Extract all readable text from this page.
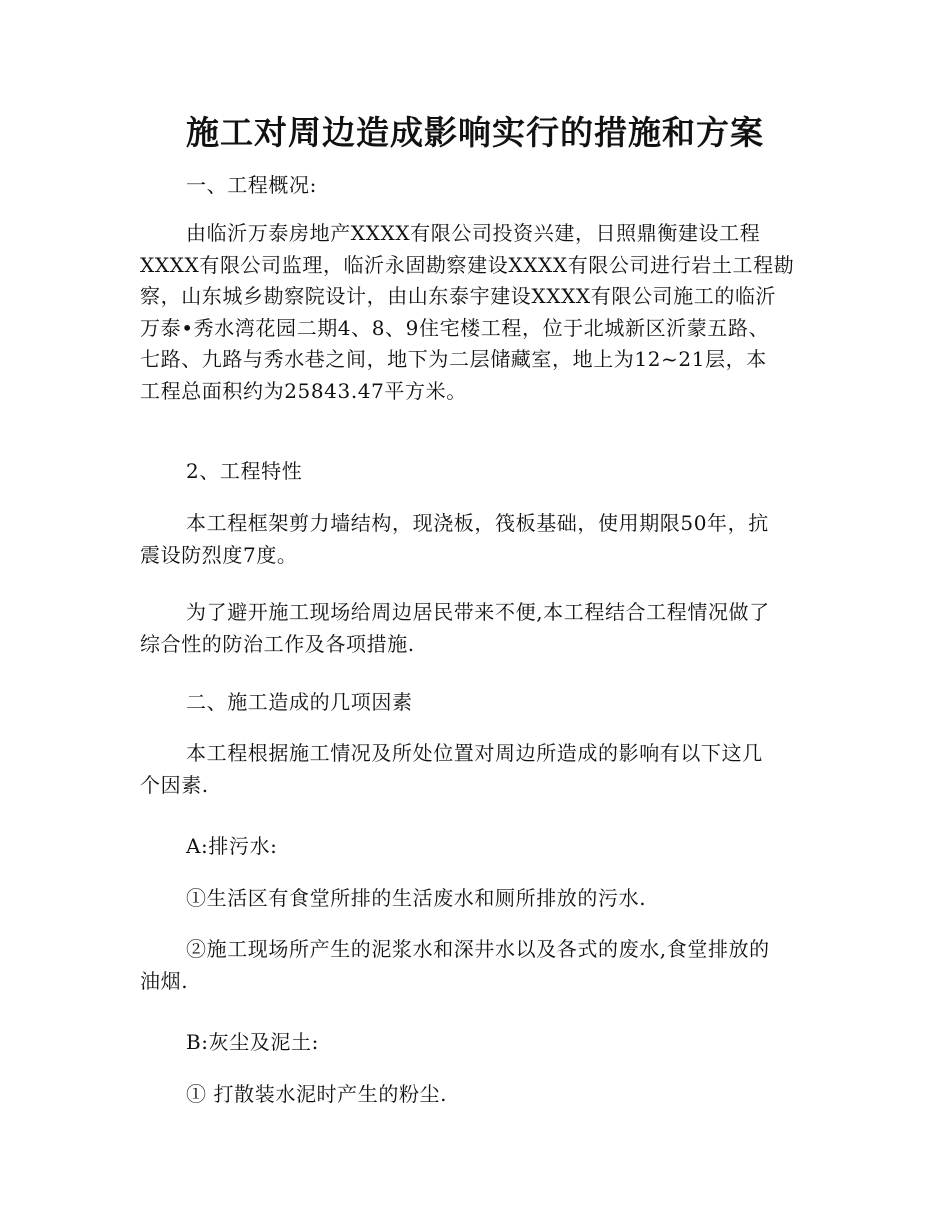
施工对周边造成影响实行的措施和方案
一、工程概况:
由临沂万泰房地产XXXX有限公司投资兴建，日照鼎衡建设工程
XXXX有限公司监理，临沂永固勘察建设XXXX有限公司进行岩土工程勘
察，山东城乡勘察院设计，由山东泰宇建设XXXX有限公司施工的临沂
万泰•秀水湾花园二期4、8、9住宅楼工程，位于北城新区沂蒙五路、
七路、九路与秀水巷之间，地下为二层储藏室，地上为12~21层，本
工程总面积约为25843.47平方米。
2、工程特性
本工程框架剪力墙结构，现浇板，筏板基础，使用期限50年，抗
震设防烈度7度。
为了避开施工现场给周边居民带来不便,本工程结合工程情况做了
综合性的防治工作及各项措施.
二、施工造成的几项因素
本工程根据施工情况及所处位置对周边所造成的影响有以下这几
个因素.
A:排污水:
①生活区有食堂所排的生活废水和厕所排放的污水.
②施工现场所产生的泥浆水和深井水以及各式的废水,食堂排放的
油烟.
B:灰尘及泥土:
① 打散装水泥时产生的粉尘.
